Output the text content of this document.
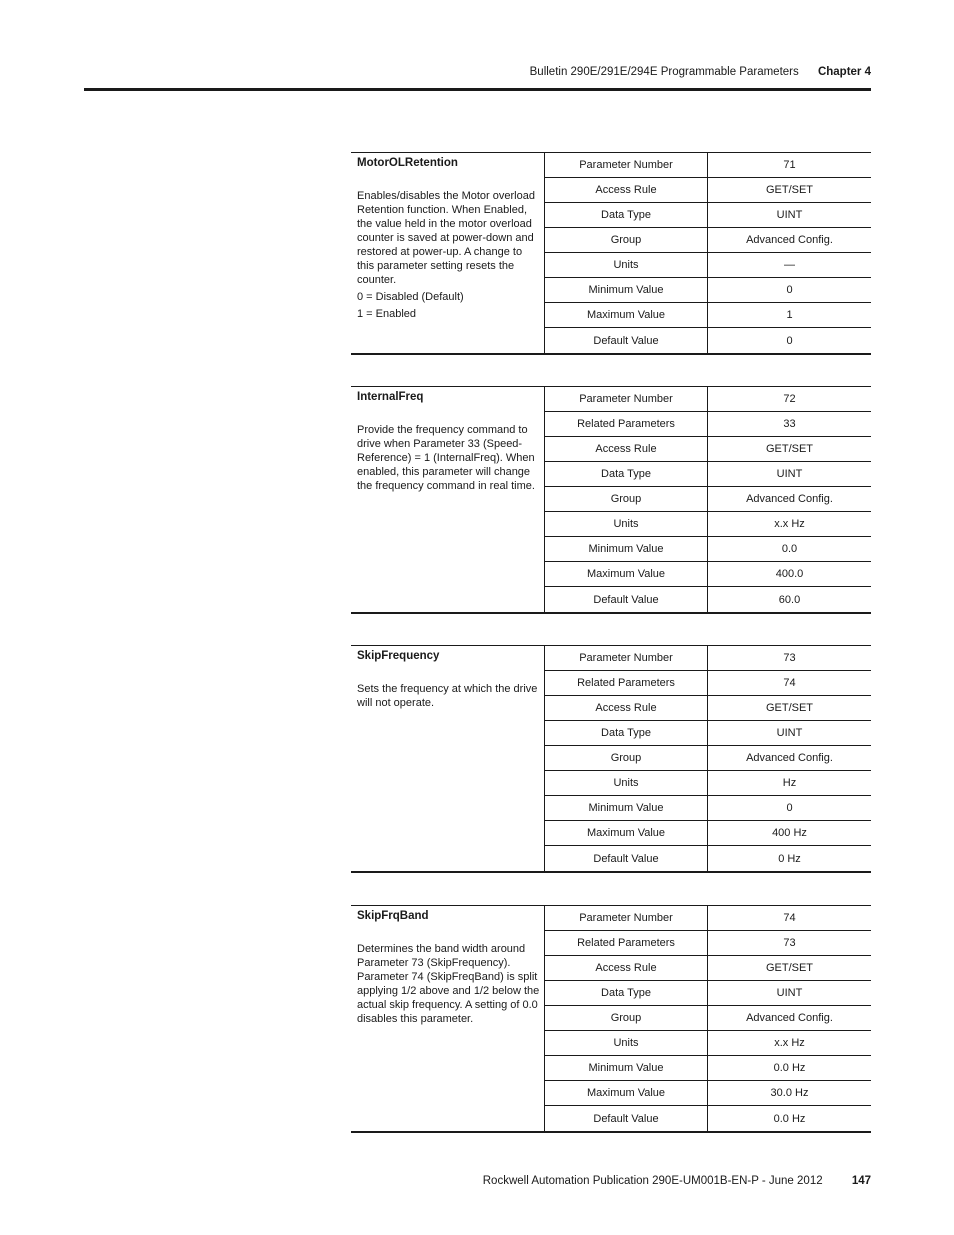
Bulletin 290E/291E/294E Programmable Parameters Chapter 4
MotorOLRetention

Enables/disables the Motor overload Retention function. When Enabled, the value held in the motor overload counter is saved at power-down and restored at power-up. A change to this parameter setting resets the counter.

0 = Disabled (Default)

1 = Enabled

Parameter Number	71
Access Rule	GET/SET
Data Type	UINT
Group	Advanced Config.
Units	—
Minimum Value	0
Maximum Value	1
Default Value	0
InternalFreq

Provide the frequency command to drive when Parameter 33 (Speed-Reference) = 1 (InternalFreq). When enabled, this parameter will change the frequency command in real time.

Parameter Number	72
Related Parameters	33
Access Rule	GET/SET
Data Type	UINT
Group	Advanced Config.
Units	x.x Hz
Minimum Value	0.0
Maximum Value	400.0
Default Value	60.0
SkipFrequency

Sets the frequency at which the drive will not operate.

Parameter Number	73
Related Parameters	74
Access Rule	GET/SET
Data Type	UINT
Group	Advanced Config.
Units	Hz
Minimum Value	0
Maximum Value	400 Hz
Default Value	0 Hz
SkipFrqBand

Determines the band width around Parameter 73 (SkipFrequency). Parameter 74 (SkipFreqBand) is split applying 1/2 above and 1/2 below the actual skip frequency. A setting of 0.0 disables this parameter.

Parameter Number	74
Related Parameters	73
Access Rule	GET/SET
Data Type	UINT
Group	Advanced Config.
Units	x.x Hz
Minimum Value	0.0 Hz
Maximum Value	30.0 Hz
Default Value	0.0 Hz
Rockwell Automation Publication 290E-UM001B-EN-P - June 2012	147
